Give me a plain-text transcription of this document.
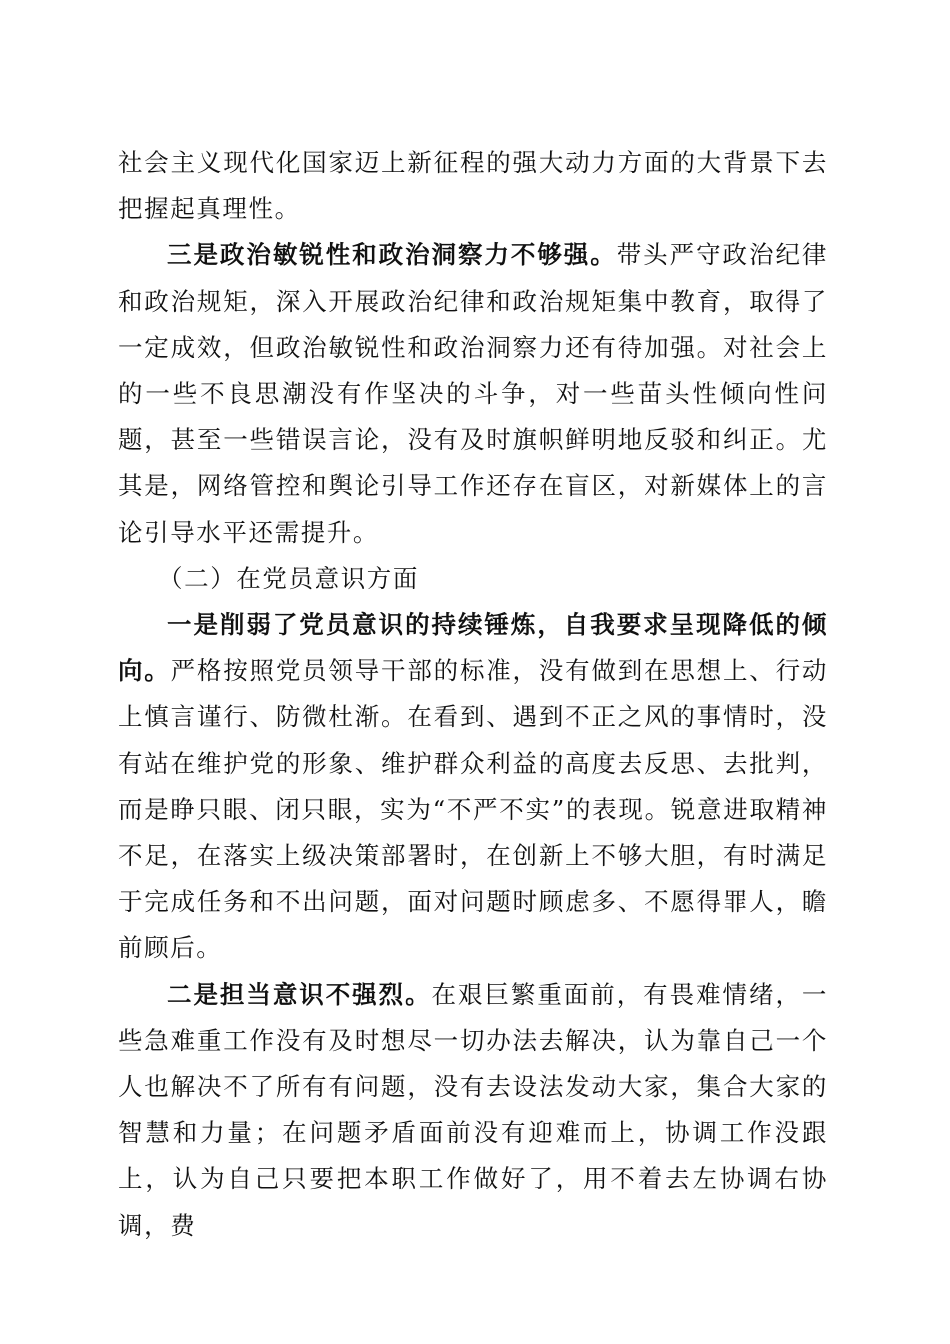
社会主义现代化国家迈上新征程的强大动力方面的大背景下去把握起真理性。

三是政治敏锐性和政治洞察力不够强。带头严守政治纪律和政治规矩，深入开展政治纪律和政治规矩集中教育，取得了一定成效，但政治敏锐性和政治洞察力还有待加强。对社会上的一些不良思潮没有作坚决的斗争，对一些苗头性倾向性问题，甚至一些错误言论，没有及时旗帜鲜明地反驳和纠正。尤其是，网络管控和舆论引导工作还存在盲区，对新媒体上的言论引导水平还需提升。

（二）在党员意识方面

一是削弱了党员意识的持续锤炼，自我要求呈现降低的倾向。严格按照党员领导干部的标准，没有做到在思想上、行动上慎言谨行、防微杜渐。在看到、遇到不正之风的事情时，没有站在维护党的形象、维护群众利益的高度去反思、去批判，而是睁只眼、闭只眼，实为“不严不实”的表现。锐意进取精神不足，在落实上级决策部署时，在创新上不够大胆，有时满足于完成任务和不出问题，面对问题时顾虑多、不愿得罪人，瞻前顾后。

二是担当意识不强烈。在艰巨繁重面前，有畏难情绪，一些急难重工作没有及时想尽一切办法去解决，认为靠自己一个人也解决不了所有有问题，没有去设法发动大家，集合大家的智慧和力量；在问题矛盾面前没有迎难而上，协调工作没跟上，认为自己只要把本职工作做好了，用不着去左协调右协调，费
